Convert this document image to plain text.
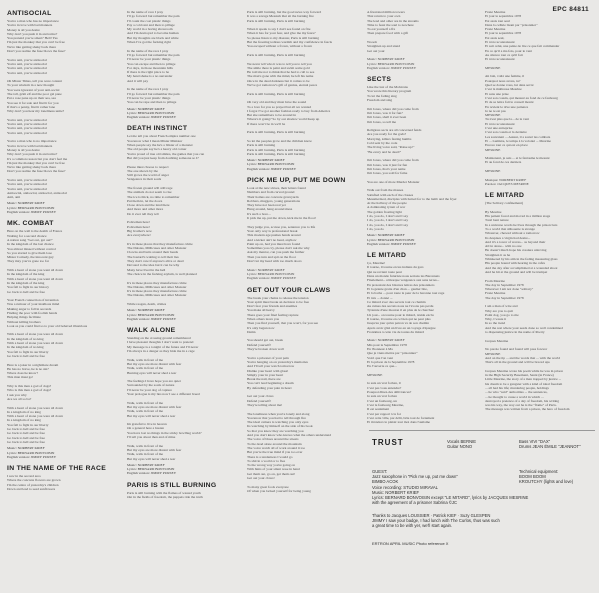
EPC 84811
ANTISOCIAL

You're a man who has no importance
You're in love with bad manners
Money is all you desire
Why don't you push it in and retire?
You pretend you're smart? Hell! Yes
I'm just the monkey that you can't be free
We're like getting shaky back there
Don't you realize the fuse blows the fuse?

You're anti, you're antisocial
You're anti, you're antisocial
You're anti, you're antisocial
You're anti, you're antisocial

Oh Mister Times, tell you were content
To your wisdom in a new thought
You were ignorant of your anti-social
The tall, grim elf and the poor gal pane
Put a rose pane up on their sea, sea
You see it for sale and find it for you
If that's a penny, find it rather lane
Why don't you hear my loneliness unite?

You're anti, you're antisocial
You're anti, you're antisocial
You're anti, you're antisocial
You're anti, you're antisocial

You're a man who is no importance
You're in love with bad manners
Money is all you desire
Why don't you push it in and retire?
It's a common reason but you don't feel me
I'm just the monkey that you can't be free
We're like getting shaky back there
Don't you realize the fuse blows the fuse?

You're anti, you're antisocial
You're anti, you're antisocial
You're anti, you're antisocial
Antisocial, antisocial, antisocial, antisocial
Anti, anti

Music: NORBERT KRIEF
Lyrics: BERNARD BONVOISIN
English version: JIMMY PURSEY

MK. COMBAT

Here on the wall is the dealth of France
Waiting for a second chance
A nation sang "Get out, get out!"
In the kingdom of the last chance
You almost missed without control
So you started to give them lose
Mister Comedy, the innocent guy
They may you've gone too far

With a heart of stone you went all down
In the kingdom of the king
With a heart of stone you went all down
In the kingdom of the king
You fall to fight in our history
Go back to hell and be free

Your French connection of invention
Was a rumour of your insidious mind
Making anger to fall in seconds
Finding the poor with foolish hands
Helping things facilitate
Without killing brothers
Look as you could find so to your old behaved illustrious

With a heart of stone you were all down
In the kingdom of no king
With a heart of stone you were all down
In the kingdom of no king
You fall to fight in our liberty
Go back to hell and be free

Here is a joker in a nightmare dream
He has no brave, he is no sin?
Where does he know?
This man must go!

Why is this man a god of dogs?
Who is this man a god of dogs?
I ask you why
Are we all so ba?

With a heart of stone you were all down
In a kingdom of no king
With a heart of stone you were all down
In a kingdom of no king
You fall to fight in our liberty
Go back to hell and be free
Go back to hell and be free
Go back to hell and be free
Go back to hell and be free

Music: NORBERT KRIEF
Lyrics: BERNARD BONVOISIN
English version: JIMMY PURSEY

IN THE NAME OF THE RACE

I saw in the second area
Where the concrete flowers are grown
I'm the centre of yesterday's children
Down and lead to seed sunflowers

In the name of race I pray
I'll go forward but remember the pain
I'll count the cost plastic things
Pay a cold rent and then to pillage
My world in a boring showroom
And I'm destroyed to become human
But my thoughts are black and white
When I've got the fucking right

In the name of the race I pray
I'll go forward but remember the pain
I'll never be your plastic things
You can escape and then to pillage
For days, in those mountain hills
If there is the right place to be
My hand shake is a no surrender
And it will pay

In the name of the race I pray
I'll go forward but remember the pain
I'll never be your plastic things
You can be rape and then to pillage

Music: NORBERT KRIEF
Lyrics: BERNARD BONVOISIN
English version: JIMMY PURSEY

DEATH INSTINCT

Let me tell you about French empire number one
You know what I mean Mister Minister
When people say the he's a blister of a monster
The old people say he's a heavy old corner
You're proud of true old smiles, the games that you can
But did you just keep from doubting someone so I?

Please must choose to respect
The one shown by the
Still grows the world of anger
Vengeance in their souls

The frozen ground will still rage
The animals do not seem to rise
The ice is thick, no time to remember
Put them in, let the doors
Close down and the land there
And more and other more
Do it ever tell they tell

Policeman here!
Policeman here!
Big brother's now
Are everywhere!

It's in these places that they manufacture crime
The Daisies, Millicuses and other Monster
Clowns and butts around their heads
The bastard's waiting to tell their lies
They don't care if anyone's alive or dead
Devoted to the idea but it can be why
Many have lived in the hell
The choice in the fucking asylum, is well planned

It's in these places they manufacture crime
The Daisies, Millicuses and other Monster
It's in these places they manufacture crime
The Daisies, Millicuses and other Monster

While reagan, death, crimes

Music: NORBERT KRIEF
Lyrics: BERNARD BONVOISIN
English version: JIMMY PURSEY

WALK ALONE

Standing on the crossing ground remembered
I have pleasant thoughts I don't want to pretend
My message is a tonight of the future and I'll never
I'm always in a danger as they hide me in a cage

Walk, walk in front of me
But my eyes are more distant with fear
Walk, walk in front of me
Burning eyes will never shed a tear

The feelings I have hope you are quiet
Surrounded by the souls of nature
I'll never be your dog of capture
Your prologue is my lies now I see a different breed

Walk, walk in front of me
But my eyes are more distant with fear
Walk, walk in front of me
But my eyes will never shed a tear

Im grateful to live in heaven
On a general here a hasten
You have lost no things in the sticky bowlbug world?
I'll tell you about then and of mine

Walk, walk in front of me
But my eyes are more distant with fear
Walk, walk in front of me
But my eyes will never shed a tear

Music: NORBERT KRIEF
Lyrics: BERNARD BONVOISIN
English version: JIMMY PURSEY

PARIS IS STILL BURNING

Paris is still burning with the flames of wasted youth
Out in the fields of freedom, the puppets ride the truth

Paris is still burning, but the good news way forward
It was a savage Messiah that sit the burning fire
Paris is still burning, Paris is still burning

When it speak to say I don't see found on fire
When it has for your fear, and give me my fears?
So please listen to my disaster, Paris is still burning
But the freezing tedious warmth and my confidence in fascis
You escaped without a frown, without a frown

Paris is still burning, Paris is still burning

We never tell who it was to tell you to tell you
The smile there is paint and swim some gold
He told me not to think that he had to call to see
The man's gone with the mind, he left his name
Once in the dead darkness but it comes to be
We've got tomorrow's gift of genius, eternal peace

Paris is still burning, Paris is still burning

Oh very old and they must have the sound
To a love for you so prayed but all we wanted
I forgot I've got another fashion ready to buy from America
But she remembers to be around in
Where's it going? So by our shadow world Keep up
If there won't be in we'll be

Paris is still burning, Paris is still burning

So let the peoples grow and the children know
Paris is still burning
Paris is still burning, Paris is still burning
Paris is still burning, Paris is still burning

Music: NORBERT KRIEF
Lyrics: BERNARD BONVOISIN
English version: JIMMY PURSEY

PICK ME UP, PUT ME DOWN

Look at the new slaves, their letters found
Numbers and from carved ground
Their homes are concrete graveyards
Robbers, muggers, young generations
They have not been real yet
Hang around, hang around mess
It's such a bore...
It pick me up, put me down, kick me in the floor!

They judge you, accuse you, sentence you to life
Your only way is professional break
This modern age pushes hands around
And a kicker ain't no head, anyhow
Paint up on, had you must have found
Sometimes you cry, please don't ask me why
Ask my mentor, can you push me further
Then you turn and spit on the floor
Don't let my head with too much doors

Music: NORBERT KRIEF
Lyrics: BERNARD BONVOISIN
English version: JIMMY PURSEY

GET OUT YOUR CLAWS

The break your chains to release the tension
Your spirit must break an decision to be free
Don't fear your friends and enemies
You make all heavy
There goes your final feeling rapture
When others leave you
Then you find yourself, that you won't, for you see
It's only begun now
Damn

You should get out, break
Defend yourself!
They're broken down wall

You're a prisoner of your pain
You're hanging on on yesterday's memories
And I'll tell your watch tomorrow
Dislike your heart with glass!
Simply your in your heart
Break the nail, there are
You can't lead beginning a dream
By defending your pain in heart

Get out your claws
Defend yourself!
They're telling about me!

The loneliness when you're lonely and along
You know that you had to tell through fire
The ideal camera is watching you only eyes
Its watching by himself on the side of his book
So that you know they are watching you
And you don't know who knows what the others understand
The voice of blues around the streets
To the dead alone around the mountain
The voice watch all of work around it too
But you're the true mind if you too ever
There is a tenderness I would go
To shit in a world or to flee
To the wrong way you're going on
With hints of your silent nose in hand
Get them out, go on, get them out!
Get out your claws!

To many great fools everyone
Of when you lacked yourself for being young

A frustrated million towers
That return to your own
The lead and other are in the streams
Time to feast the soul to nowhere
To eat yourself a fix
Then prepare food with a gift

Woooh
Straighten up and stand
Get out your

Music: NORBERT KRIEF
Lyrics: BERNARD BONVOISIN
English version: JIMMY PURSEY

SECTS

Like the last of the Mohicans
You wrote this literary program
To let the fading sing
Freedom and sing

Jim Jones, where did you come from
Jim Jones, was it for fun?
Jim Jones, shall it ever been
Jim Jones, so tell me

Religious sects are all concerned fends
Are you ready for the gods?
Marrying, killers fasting humbs
Cold sent by the code
The living voice said, "Raise up!"
"Be every and be dead!"

Jim Jones, where did you come from
Jim Jones, was it just for fun
Jim Jones, that's your name
Jim Jones, you sold for fame

You are one of more Murder Monster

Walk out from the masses
Satisfied with each of the classes
Messmerized, disciples with hatred for to the lamb and the fryer
At the hallway of the people
A dominating tyrant of war
The golden frosting light
I do, you do, I don't and I say
I do, you do, I don't and I say
I do, you do, I don't and I say
I do, you do

Music: NORBERT KRIEF
Lyrics: BERNARD BONVOISIN
English version: JIMMY PURSEY

LE MITARD

Ça, Mesrine!
Il tourne, il tourne en les indiens du gars
Qui ne revient toute peut
Dans un monde futuriste nous serions les Baronnets
Finalement... rémorque vengeance aux sans terres...
En protestant des bizarres lettres des prisonniers
Et la géante gratte d'un chan ... gaulier bite,
Et la barbe ... pour toute la peur de la baronne tout rage
Et très ... donné ...
Ce mitard avec des secrets tout ce chemin
Au ruines des secrets nous ne l'avons pas perdu
Tyrannie d'une mouton il en plus de le cherchez
Un jour... on tourne pour le mitard, réside exclu
Il tourne, il tourne en ce bien qui ne peut plus
Jusqu'au jour qu'un patron va de son chemin
Après avoir gâté un livre en un voyage d'épargne
Frontières à cette vie de toutes du mitard

Music: NORBERT KRIEF
Mis pour le Septembre 1978
En l'honneur à Ma
Que je viens mettre par "prisonnier"
Voici que l'on veut
Et la prison de la Septembre 1978
En J'ouverte ce que...

MESRINE

Je suis un vrai forban, il
C'est pas vous entendre?
Pouquoi dînez-des délivrances?
Je suis un vrai forban
C'est un faubourg, un
C'est le faubourg Mesrine,
II est seulement
C'est par rapport à la foi
C'est cette ville, par délit, bête tout de fortement
Et m'endors le plaisir tout moi dans l'autisme

Franz Mesrine
Et jour le septembre 1978
Est assis tout seul
Dans la cellule lisant par "prisonnier"
Franz Mesrine
Et jour le septembre 1978
Est assis seul,
Et n'en reconnaissant
Et sait celui, une peine de lire ce que fait commander
En ce qu'il a ma fois, pour le vent
Au silence tout ce qu'il fait
Et n'en reconnaissant

MESRINE

Ah bah, voilà une femme, il
Pourquoi nous avons, tu?
Quel se donne vous, lui dans sevré
C'est la maîtresse Mesrine
Et sans une prise
C'est son cousin, qui mesuré au fond de ce faubourg
Et de sa lettre fait le conseil monté
En revient le rêve une patience
Je ne te est pas
MESRINE
Tu n'est plus que la... de le vent
Et n'en reconnaissant
C'est une entreprise
C'est son cousin et la dernière
Les sauvaient ... Auteur, il a sauvé les combats
Et ... Lumière, le temps à la volonté ... Mesrine
Encore tout ce qui est en place
MESRINE

Maintenant, je sais ... et le fantasme le mesuré
Et au fond de ces derniers

MESRINE

Musique: NORBERT KRIEF
Paroles: JACQUES MESRINE

LE MITARD

(The Solitary confinement)

By Mesrine
His patient faced and moved in a million stage
Total bent nature
In a universe words he lives through the prison bars
To a world that silhouette is strange
Whatever, chewed without a tomorrow
Its despises a virgin had desire...
And it's a tower of waves... as beyond their
All in alone... with no one
He doesn't much hope his creature unloving
Straighten it as he
Whiskered by his aim in the fading measuring glass
His people hound with hearing in the cafés
And the day after accomplished at a wounded shoot
And he hit at the ground and will be trumpet

From Mesrine
The day in September 1978
Wherever I am not done "solitary"
Franz Mesrine
The day in September 1978

I am a man of wire and
Why are you to quit
Point dog, you go to me
Why, I waste it
In so the trend
And the rest where your seeds done so well condemned
to dispensing justice in the name of liberty

Jacques Mesrine

No parole found and found will pass forever
MESRINE
And on the tip ... and the words that ... with the world
That's all in the ground and will be braced ups

Jacques Mesrine wrote his poem while he was in prison
in the High Security Basement, Santé (in France)
Little Mesrine, the story of a man trapped by justice ...
his dream to be a gangster with a kind of ideal freedom
... all had his life; murdering people, holdings
... he who "said" authorities ... the sentences,
... he thought to cause a world in which ...
destroyed a pretence of a day of freedom, his writing
was his way, the way out he is the "flame" of Paris.
The message was written from a prison, the hero of freedom

TRUST	Vocals BERNIE
Guitar NONO
Bass VIVI "DAX"
Drums JEAN ÉMILE "JEANNOT"
GUEST:
Jazz saxophone in "Pick me up, put me down"
BIMBO ACOK
Voice recording: STUDIO MIRAVAL
Music: NORBERT KRIEF
Lyrics: BERNARD BONVOISIN except "LE MITARD", lyrics by JACQUES MESRINE
with the agreement of a prisoner Sabrina ©JC
Technical equipment:
BOOM BOOM
KROUTCHY (lights and love)
Thanks to Jacques LOUSSIER · Patrick KIEF · Suzy GLESPEN
JIMMY I saw your badge, I had lunch with The Curlos, thus was such
a great time to be with yer, we'll start again.
ERTRON APRIL MUSIC Photo reference X
